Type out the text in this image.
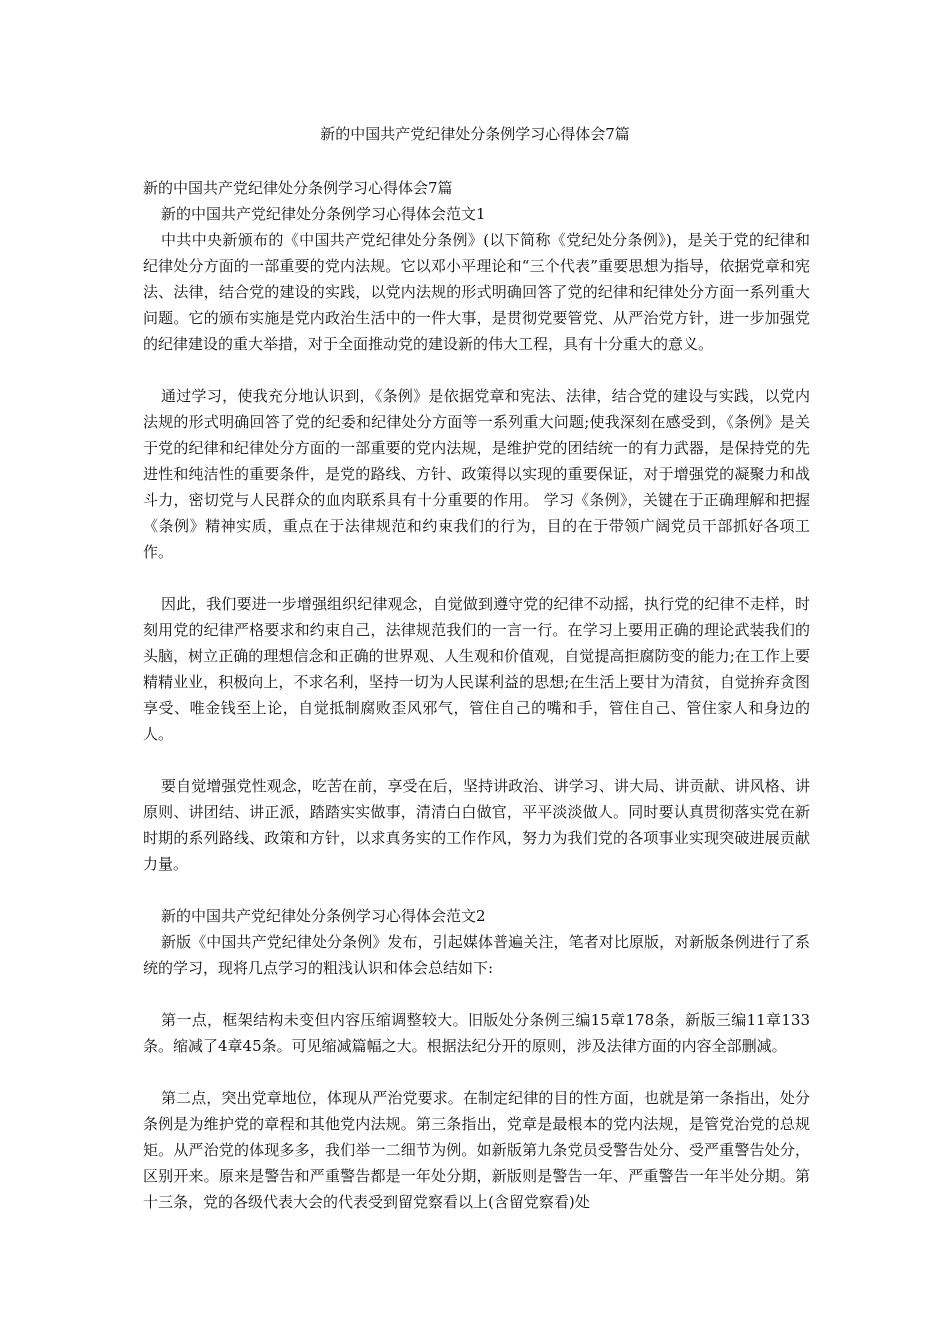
新的中国共产党纪律处分条例学习心得体会7篇

新的中国共产党纪律处分条例学习心得体会7篇

新的中国共产党纪律处分条例学习心得体会范文1

中共中央新颁布的《中国共产党纪律处分条例》(以下简称《党纪处分条例》)，是关于党的纪律和纪律处分方面的一部重要的党内法规。它以邓小平理论和“三个代表”重要思想为指导，依据党章和宪法、法律，结合党的建设的实践，以党内法规的形式明确回答了党的纪律和纪律处分方面一系列重大问题。它的颁布实施是党内政治生活中的一件大事，是贯彻党要管党、从严治党方针，进一步加强党的纪律建设的重大举措，对于全面推动党的建设新的伟大工程，具有十分重大的意义。

通过学习，使我充分地认识到，《条例》是依据党章和宪法、法律，结合党的建设与实践，以党内法规的形式明确回答了党的纪委和纪律处分方面等一系列重大问题;使我深刻在感受到，《条例》是关于党的纪律和纪律处分方面的一部重要的党内法规，是维护党的团结统一的有力武器，是保持党的先进性和纯洁性的重要条件，是党的路线、方针、政策得以实现的重要保证，对于增强党的凝聚力和战斗力，密切党与人民群众的血肉联系具有十分重要的作用。 学习《条例》，关键在于正确理解和把握《条例》精神实质，重点在于法律规范和约束我们的行为，目的在于带领广阔党员干部抓好各项工作。

因此，我们要进一步增强组织纪律观念，自觉做到遵守党的纪律不动摇，执行党的纪律不走样，时刻用党的纪律严格要求和约束自己，法律规范我们的一言一行。在学习上要用正确的理论武装我们的头脑，树立正确的理想信念和正确的世界观、人生观和价值观，自觉提高拒腐防变的能力;在工作上要精精业业，积极向上，不求名利，坚持一切为人民谋利益的思想;在生活上要甘为清贫，自觉拚弃贪图享受、唯金钱至上论，自觉抵制腐败歪风邪气，管住自己的嘴和手，管住自己、管住家人和身边的人。

要自觉增强党性观念，吃苦在前，享受在后，坚持讲政治、讲学习、讲大局、讲贡献、讲风格、讲原则、讲团结、讲正派，踏踏实实做事，清清白白做官，平平淡淡做人。同时要认真贯彻落实党在新时期的系列路线、政策和方针，以求真务实的工作作风，努力为我们党的各项事业实现突破进展贡献力量。

新的中国共产党纪律处分条例学习心得体会范文2

新版《中国共产党纪律处分条例》发布，引起媒体普遍关注，笔者对比原版，对新版条例进行了系统的学习，现将几点学习的粗浅认识和体会总结如下:

第一点，框架结构未变但内容压缩调整较大。旧版处分条例三编15章178条，新版三编11章133条。缩减了4章45条。可见缩减篇幅之大。根据法纪分开的原则，涉及法律方面的内容全部删减。

第二点，突出党章地位，体现从严治党要求。在制定纪律的目的性方面，也就是第一条指出，处分条例是为维护党的章程和其他党内法规。第三条指出，党章是最根本的党内法规，是管党治党的总规矩。从严治党的体现多多，我们举一二细节为例。如新版第九条党员受警告处分、受严重警告处分，区别开来。原来是警告和严重警告都是一年处分期，新版则是警告一年、严重警告一年半处分期。第十三条，党的各级代表大会的代表受到留党察看以上(含留党察看)处
